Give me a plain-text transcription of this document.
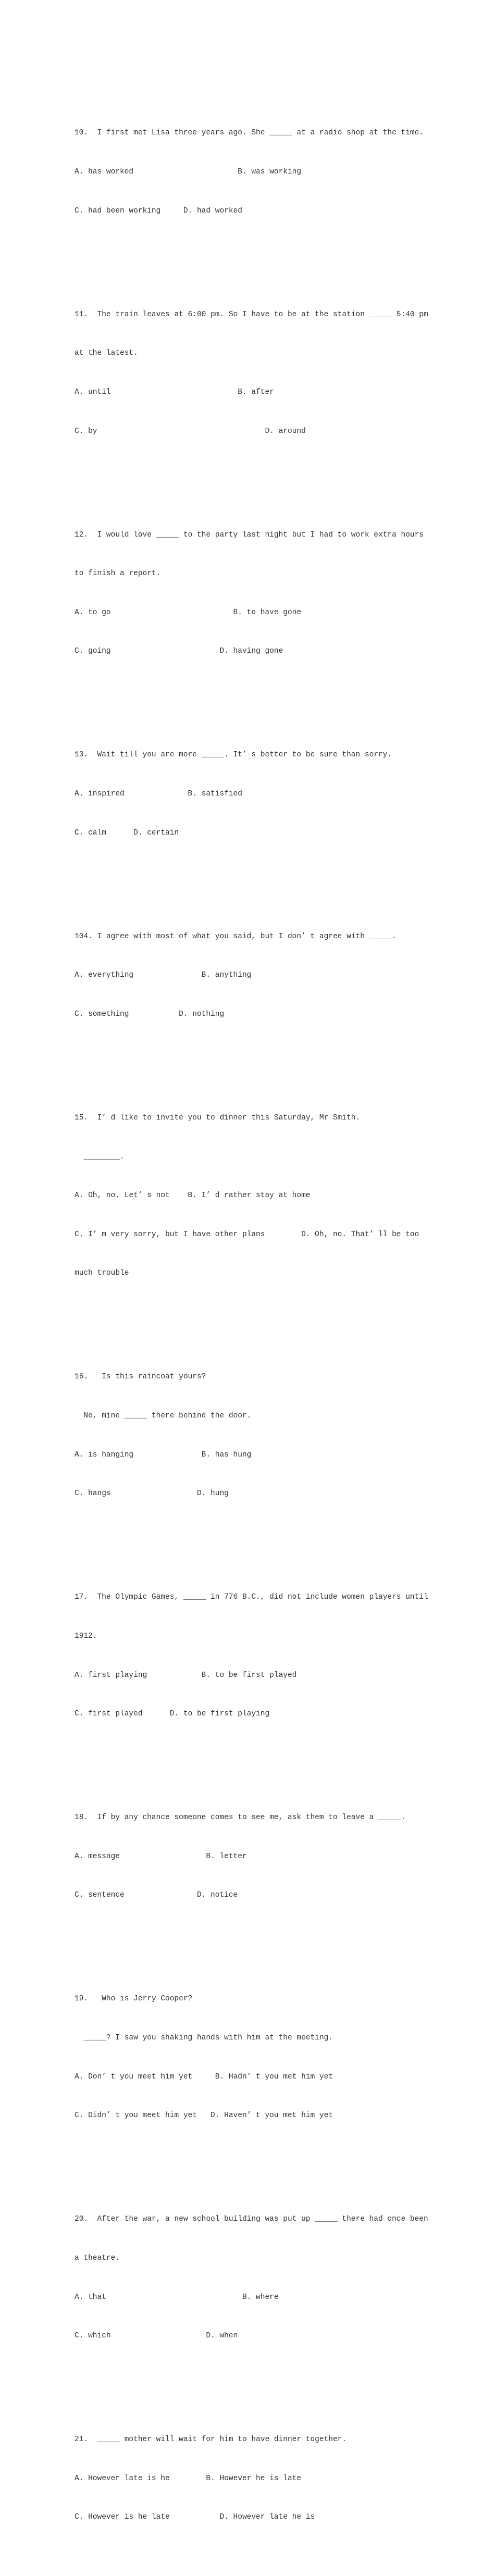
10.  I first met Lisa three years ago. She _____ at a radio shop at the time.

A. has worked                       B. was working

C. had been working     D. had worked

11.  The train leaves at 6:00 pm. So I have to be at the station _____ 5:40 pm

at the latest.

A. until                            B. after

C. by                                     D. around

12.  I would love _____ to the party last night but I had to work extra hours

to finish a report.

A. to go                           B. to have gone

C. going                        D. having gone

13.  Wait till you are more _____. It’ s better to be sure than sorry.

A. inspired              B. satisfied

C. calm      D. certain

104. I agree with most of what you said, but I don’ t agree with _____.

A. everything               B. anything

C. something           D. nothing

15.  I’ d like to invite you to dinner this Saturday, Mr Smith.

________.

A. Oh, no. Let’ s not    B. I’ d rather stay at home

C. I’ m very sorry, but I have other plans        D. Oh, no. That’ ll be too

much trouble

16.   Is this raincoat yours?

No, mine _____ there behind the door.

A. is hanging               B. has hung

C. hangs                   D. hung

17.  The Olympic Games, _____ in 776 B.C., did not include women players until

1912.

A. first playing            B. to be first played

C. first played      D. to be first playing

18.  If by any chance someone comes to see me, ask them to leave a _____.

A. message                   B. letter

C. sentence                D. notice

19.   Who is Jerry Cooper?

_____? I saw you shaking hands with him at the meeting.

A. Don’ t you meet him yet     B. Hadn’ t you met him yet

C. Didn’ t you meet him yet   D. Haven’ t you met him yet

20.  After the war, a new school building was put up _____ there had once been

a theatre.

A. that                              B. where

C. which                     D. when

21.  _____ mother will wait for him to have dinner together.

A. However late is he        B. However he is late

C. However is he late           D. However late he is
